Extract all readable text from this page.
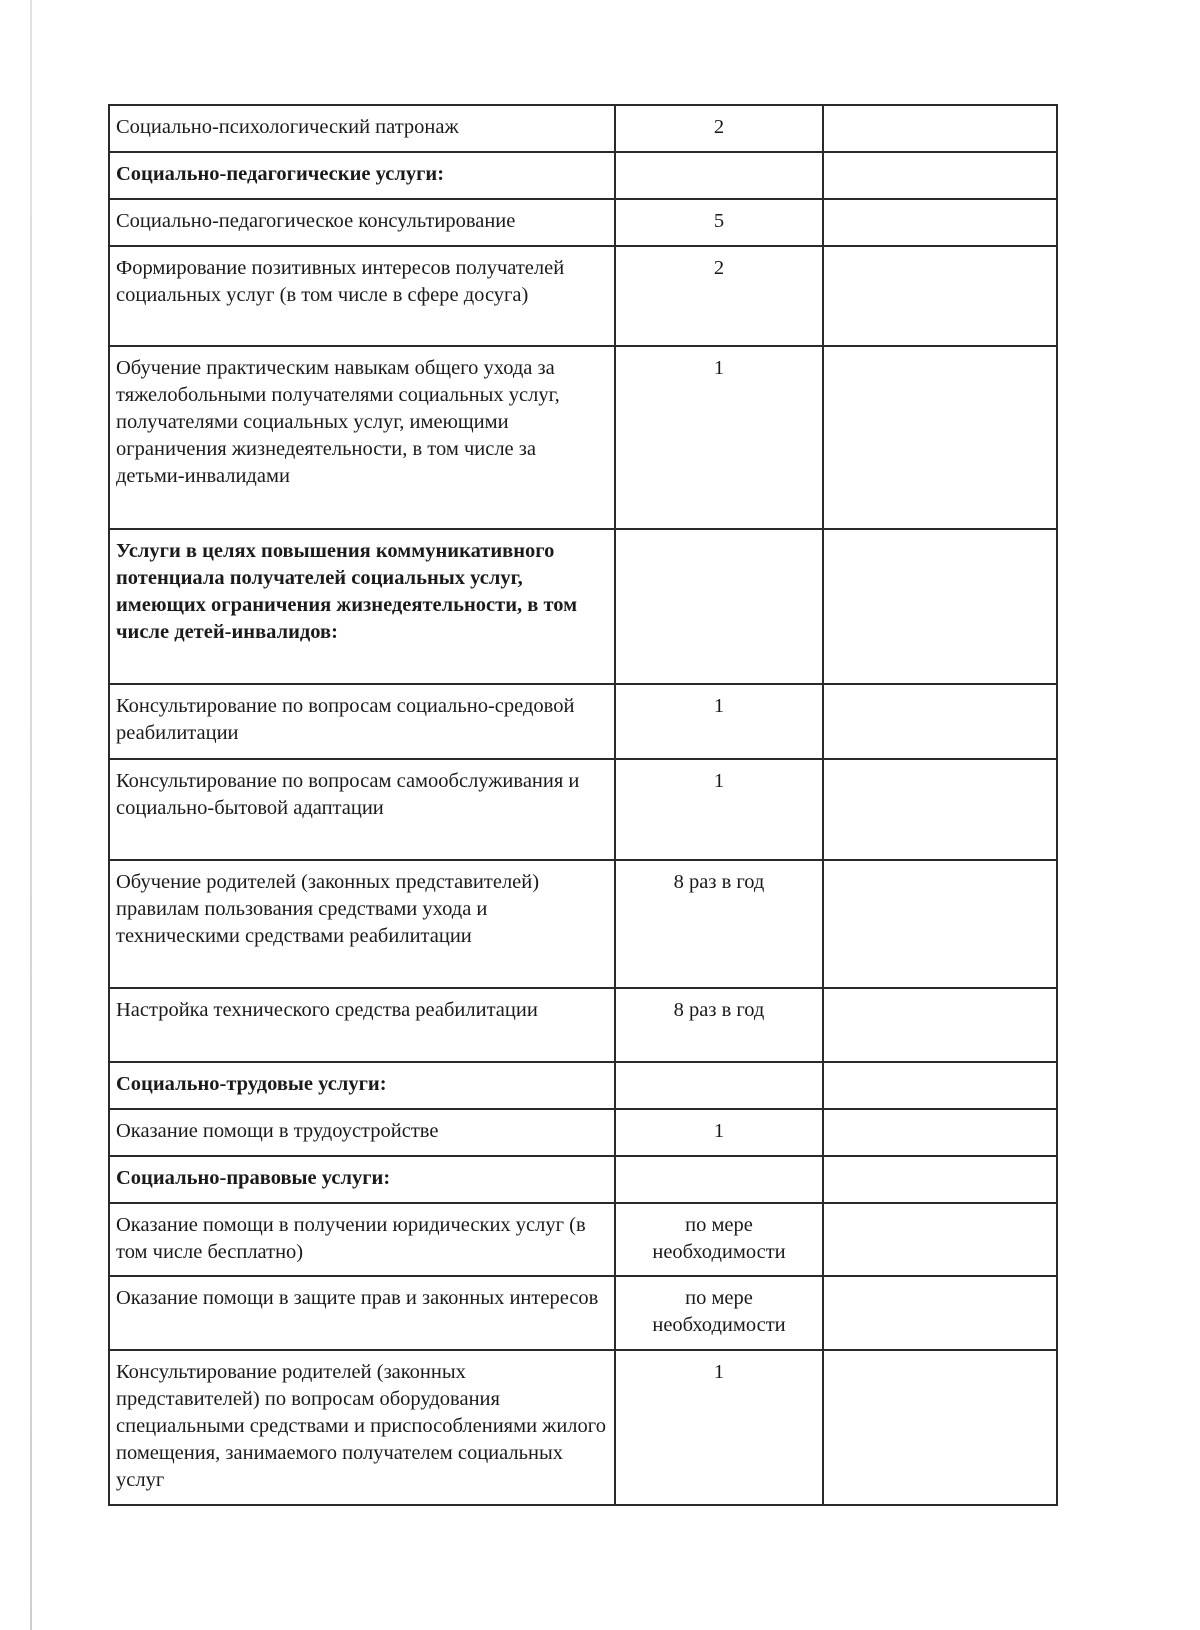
Социально-психологический патронаж	2	
Социально-педагогические услуги:		
Социально-педагогическое консультирование	5	
Формирование позитивных интересов получателей социальных услуг (в том числе в сфере досуга)	2	
Обучение практическим навыкам общего ухода за тяжелобольными получателями социальных услуг, получателями социальных услуг, имеющими ограничения жизнедеятельности, в том числе за детьми-инвалидами	1	
Услуги в целях повышения коммуникативного потенциала получателей социальных услуг, имеющих ограничения жизнедеятельности, в том числе детей-инвалидов:		
Консультирование по вопросам социально-средовой реабилитации	1	
Консультирование по вопросам самообслуживания и социально-бытовой адаптации	1	
Обучение родителей (законных представителей) правилам пользования средствами ухода и техническими средствами реабилитации	8 раз в год	
Настройка технического средства реабилитации	8 раз в год	
Социально-трудовые услуги:		
Оказание помощи в трудоустройстве	1	
Социально-правовые услуги:		
Оказание помощи в получении юридических услуг (в том числе бесплатно)	по мере необходимости	
Оказание помощи в защите прав и законных интересов	по мере необходимости	
Консультирование родителей (законных представителей) по вопросам оборудования специальными средствами и приспособлениями жилого помещения, занимаемого получателем социальных услуг	1	
